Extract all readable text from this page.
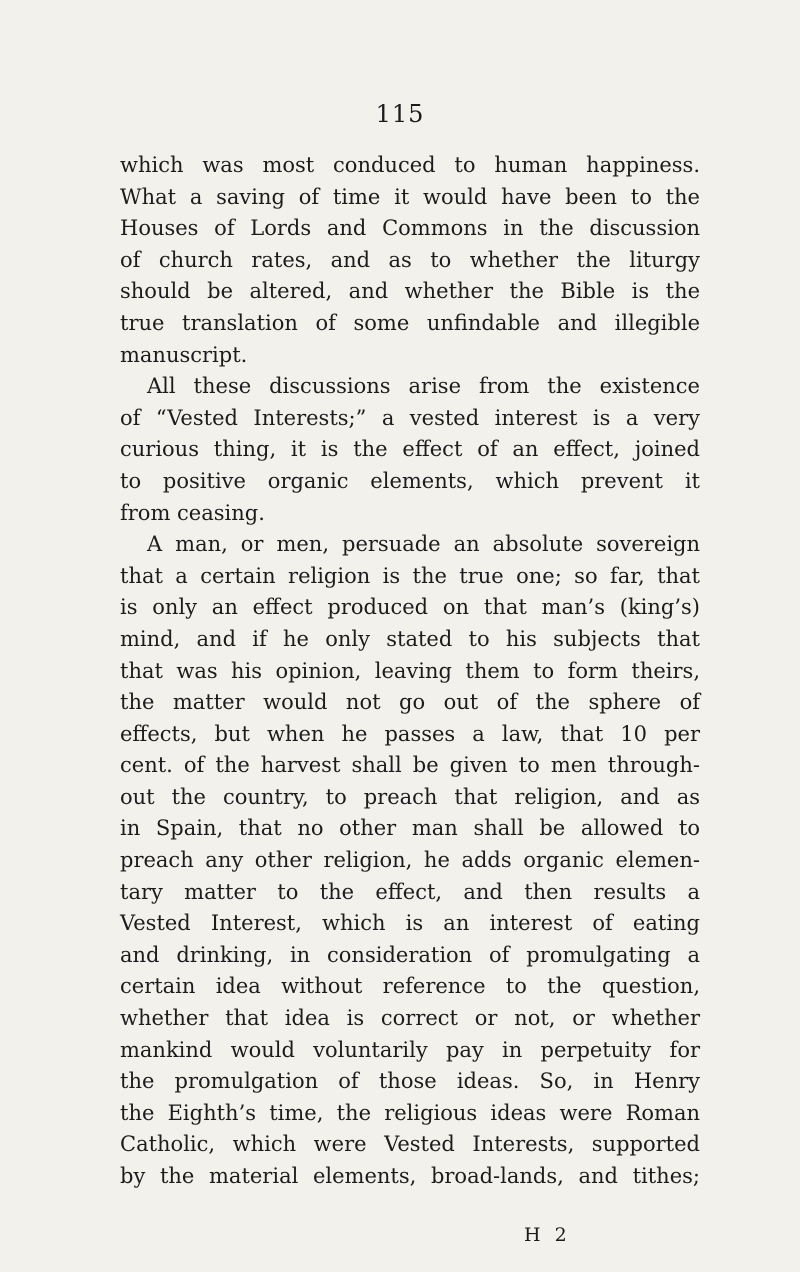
115
which was most conduced to human happiness.
What a saving of time it would have been to the
Houses of Lords and Commons in the discussion
of church rates, and as to whether the liturgy
should be altered, and whether the Bible is the
true translation of some unfindable and illegible
manuscript.
All these discussions arise from the existence
of “Vested Interests;” a vested interest is a very
curious thing, it is the effect of an effect, joined
to positive organic elements, which prevent it
from ceasing.
A man, or men, persuade an absolute sovereign
that a certain religion is the true one; so far, that
is only an effect produced on that man’s (king’s)
mind, and if he only stated to his subjects that
that was his opinion, leaving them to form theirs,
the matter would not go out of the sphere of
effects, but when he passes a law, that 10 per
cent. of the harvest shall be given to men through-
out the country, to preach that religion, and as
in Spain, that no other man shall be allowed to
preach any other religion, he adds organic elemen-
tary matter to the effect, and then results a
Vested Interest, which is an interest of eating
and drinking, in consideration of promulgating a
certain idea without reference to the question,
whether that idea is correct or not, or whether
mankind would voluntarily pay in perpetuity for
the promulgation of those ideas. So, in Henry
the Eighth’s time, the religious ideas were Roman
Catholic, which were Vested Interests, supported
by the material elements, broad-lands, and tithes;
H 2
